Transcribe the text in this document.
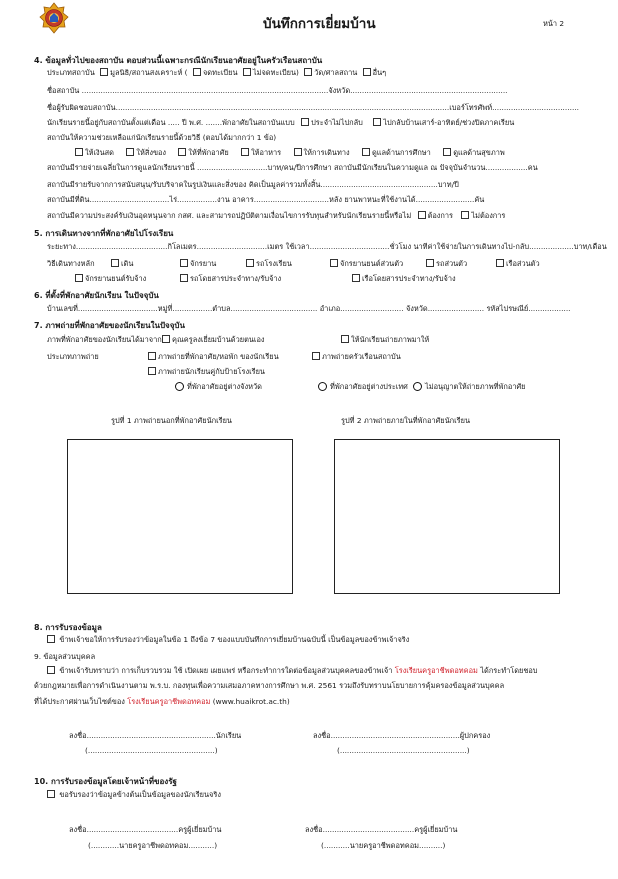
บันทึกการเยี่ยมบ้าน	หน้า 2
4. ข้อมูลทั่วไปของสถาบัน ตอบส่วนนี้เฉพาะกรณีนักเรียนอาศัยอยู่ในครัวเรือนสถาบัน
ประเภทสถาบัน มูลนิธิ/สถานสงเคราะห์ ( จดทะเบียน ไม่จดทะเบียน) วัด/ศาลสถาน อื่นๆ
ชื่อสถาบัน .........................................................................................................จังหวัด...................................................................
ชื่อผู้รับผิดชอบสถาบัน..............................................................................................................................................เบอร์โทรศัพท์.....................................
นักเรียนรายนี้อยู่กับสถาบันตั้งแต่เดือน ..... ปี พ.ศ. .......พักอาศัยในสถาบันแบบ ประจำไม่ไปกลับ	ไปกลับบ้านเสาร์-อาทิตย์/ช่วงปิดภาคเรียน
สถาบันให้ความช่วยเหลือแก่นักเรียนรายนี้ด้วยวิธี (ตอบได้มากกว่า 1 ข้อ)
ให้เงินสด	ให้สิ่งของ	ให้ที่พักอาศัย	ให้อาหาร	ให้การเดินทาง	ดูแลด้านการศึกษา	ดูแลด้านสุขภาพ
สถาบันมีรายจ่ายเฉลี่ยในการดูแลนักเรียนรายนี้ ..............................บาท/คน/ปีการศึกษา สถาบันมีนักเรียนในความดูแล ณ ปัจจุบันจำนวน..................คน
สถาบันมีรายรับจากการสนับสนุน/รับบริจาคในรูปเงินและสิ่งของ คิดเป็นมูลค่ารวมทั้งสิ้น..................................................บาท/ปี
สถาบันมีที่ดิน..................................ไร่.................งาน อาคาร................................หลัง ยานพาหนะที่ใช้งานได้.........................คัน
สถาบันมีความประสงค์รับเงินอุดหนุนจาก กสศ. และสามารถปฏิบัติตามเงื่อนไขการรับทุนสำหรับนักเรียนรายนี้หรือไม่ ต้องการ ไม่ต้องการ
5. การเดินทางจากที่พักอาศัยไปโรงเรียน
ระยะทาง.......................................กิโลเมตร..............................เมตร ใช้เวลา..................................ชั่วโมง นาทีค่าใช้จ่ายในการเดินทางไป-กลับ...................บาท/เดือน
วิธีเดินทางหลัก	เดิน	จักรยาน	รถโรงเรียน	จักรยานยนต์ส่วนตัว	รถส่วนตัว	เรือส่วนตัว
จักรยานยนต์รับจ้าง	รถโดยสารประจำทาง/รับจ้าง	เรือโดยสารประจำทาง/รับจ้าง
6. ที่ตั้งที่พักอาศัยนักเรียน ในปัจจุบัน
บ้านเลขที่..................................หมู่ที่.................ตำบล..................................... อำเภอ........................... จังหวัด........................ รหัสไปรษณีย์..................
7. ภาพถ่ายที่พักอาศัยของนักเรียนในปัจจุบัน
ภาพที่พักอาศัยของนักเรียนได้มาจาก	คุณครูลงเยี่ยมบ้านด้วยตนเอง	ให้นักเรียนถ่ายภาพมาให้
ประเภทภาพถ่าย	ภาพถ่ายที่พักอาศัย/หอพัก ของนักเรียน	ภาพถ่ายครัวเรือนสถาบัน
ภาพถ่ายนักเรียนคู่กับป้ายโรงเรียน
ที่พักอาศัยอยู่ต่างจังหวัด	ที่พักอาศัยอยู่ต่างประเทศ	ไม่อนุญาตให้ถ่ายภาพที่พักอาศัย
รูปที่ 1 ภาพถ่ายนอกที่พักอาศัยนักเรียน	รูปที่ 2 ภาพถ่ายภายในที่พักอาศัยนักเรียน
8. การรับรองข้อมูล
ข้าพเจ้าขอให้การรับรองว่าข้อมูลในข้อ 1 ถึงข้อ 7 ของแบบบันทึกการเยี่ยมบ้านฉบับนี้ เป็นข้อมูลของข้าพเจ้าจริง
9. ข้อมูลส่วนบุคคล
ข้าพเจ้ารับทราบว่า การเก็บรวบรวม ใช้ เปิดเผย เผยแพร่ หรือกระทำการใดต่อข้อมูลส่วนบุคคลของข้าพเจ้า โรงเรียนครูอาชีพดอทคอม ได้กระทำโดยชอบ
ด้วยกฎหมายเพื่อการดำเนินงานตาม พ.ร.บ. กองทุนเพื่อความเสมอภาคทางการศึกษา พ.ศ. 2561 รวมถึงรับทราบนโยบายการคุ้มครองข้อมูลส่วนบุคคล
ที่ได้ประกาศผ่านเว็บไซต์ของ โรงเรียนครูอาชีพดอทคอม (www.huaikrot.ac.th)
ลงชื่อ.......................................................นักเรียน
(......................................................)
ลงชื่อ.......................................................ผู้ปกครอง
(......................................................)
10. การรับรองข้อมูลโดยเจ้าหน้าที่ของรัฐ
ขอรับรองว่าข้อมูลข้างต้นเป็นข้อมูลของนักเรียนจริง
ลงชื่อ.......................................ครูผู้เยี่ยมบ้าน
(............นายครูอาชีพดอทคอม...........)
ลงชื่อ.......................................ครูผู้เยี่ยมบ้าน
(...........นายครูอาชีพดอทคอม..........)
